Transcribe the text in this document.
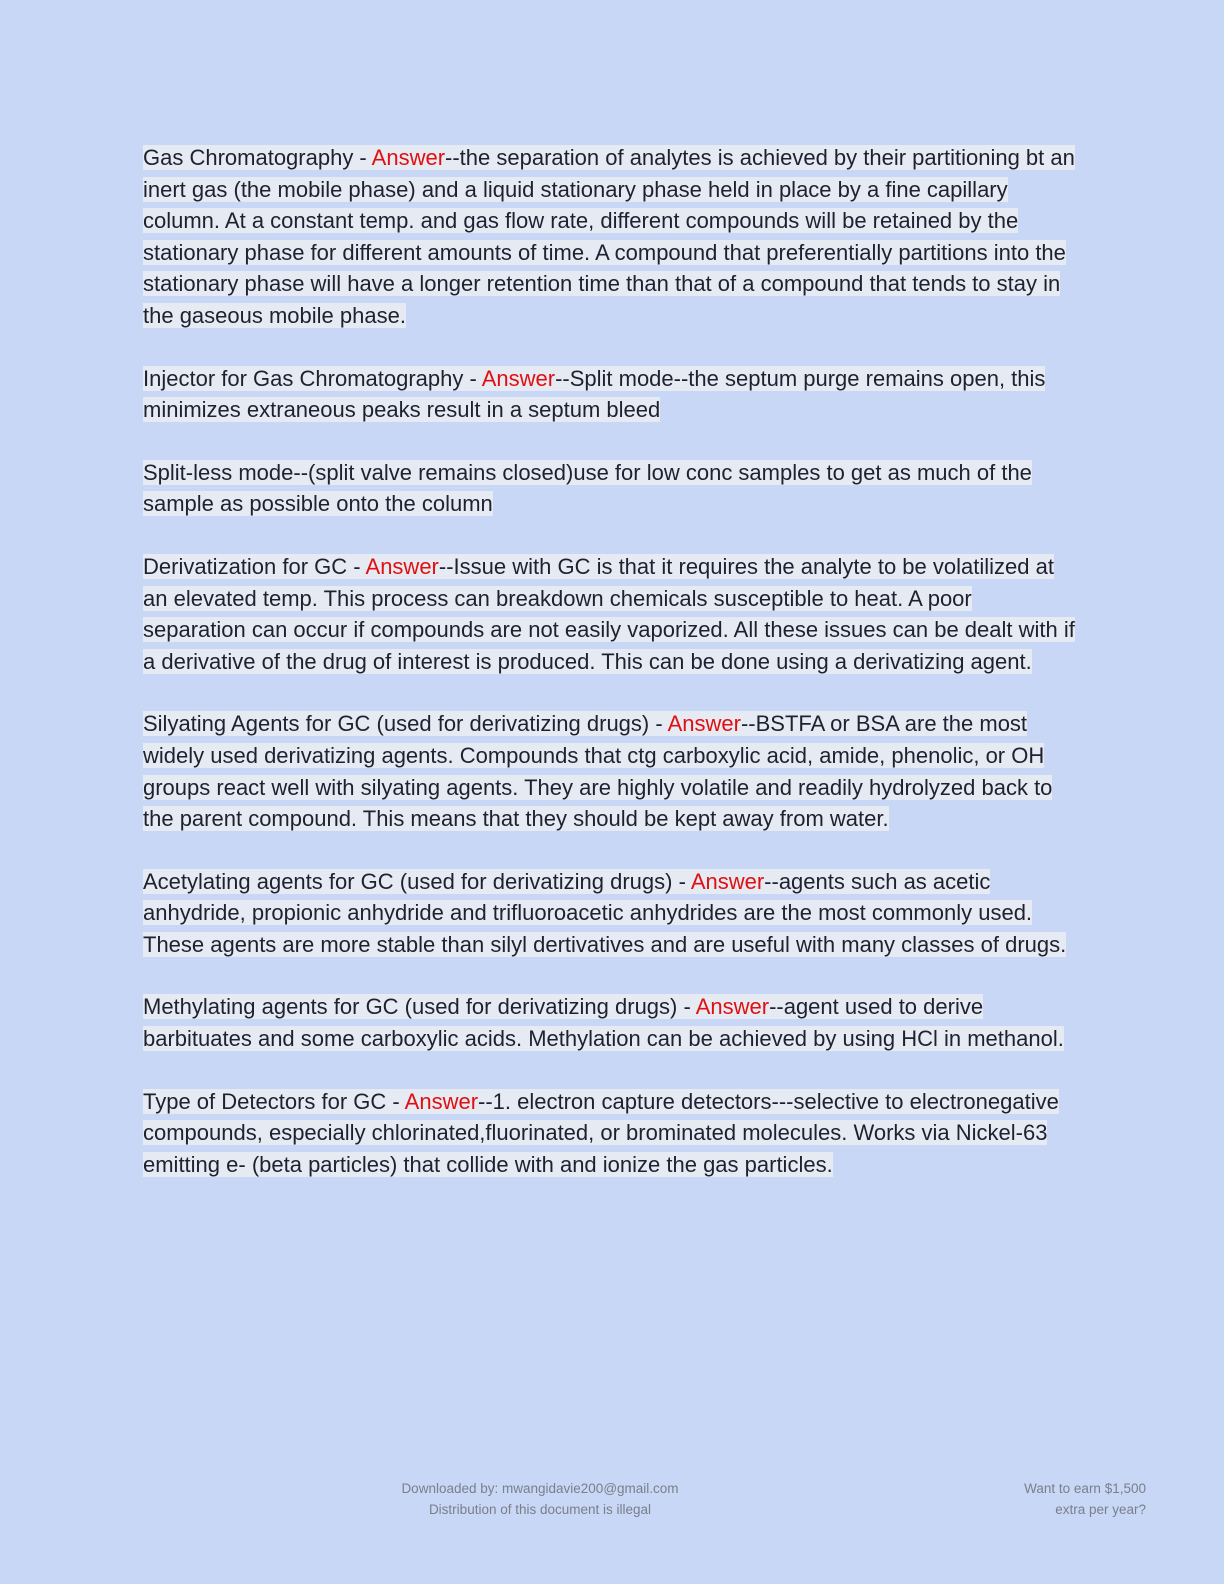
Gas Chromatography - Answer--the separation of analytes is achieved by their partitioning bt an inert gas (the mobile phase) and a liquid stationary phase held in place by a fine capillary column. At a constant temp. and gas flow rate, different compounds will be retained by the stationary phase for different amounts of time. A compound that preferentially partitions into the stationary phase will have a longer retention time than that of a compound that tends to stay in the gaseous mobile phase.

Injector for Gas Chromatography - Answer--Split mode--the septum purge remains open, this minimizes extraneous peaks result in a septum bleed

Split-less mode--(split valve remains closed)use for low conc samples to get as much of the sample as possible onto the column

Derivatization for GC - Answer--Issue with GC is that it requires the analyte to be volatilized at an elevated temp. This process can breakdown chemicals susceptible to heat. A poor separation can occur if compounds are not easily vaporized. All these issues can be dealt with if a derivative of the drug of interest is produced. This can be done using a derivatizing agent.

Silyating Agents for GC (used for derivatizing drugs) - Answer--BSTFA or BSA are the most widely used derivatizing agents. Compounds that ctg carboxylic acid, amide, phenolic, or OH groups react well with silyating agents. They are highly volatile and readily hydrolyzed back to the parent compound. This means that they should be kept away from water.

Acetylating agents for GC (used for derivatizing drugs) - Answer--agents such as acetic anhydride, propionic anhydride and trifluoroacetic anhydrides are the most commonly used. These agents are more stable than silyl dertivatives and are useful with many classes of drugs.

Methylating agents for GC (used for derivatizing drugs) - Answer--agent used to derive barbituates and some carboxylic acids. Methylation can be achieved by using HCl in methanol.

Type of Detectors for GC - Answer--1. electron capture detectors---selective to electronegative compounds, especially chlorinated,fluorinated, or brominated molecules. Works via Nickel-63 emitting e- (beta particles) that collide with and ionize the gas particles.

Downloaded by: mwangidavie200@gmail.com
Distribution of this document is illegal
Want to earn $1,500
extra per year?
